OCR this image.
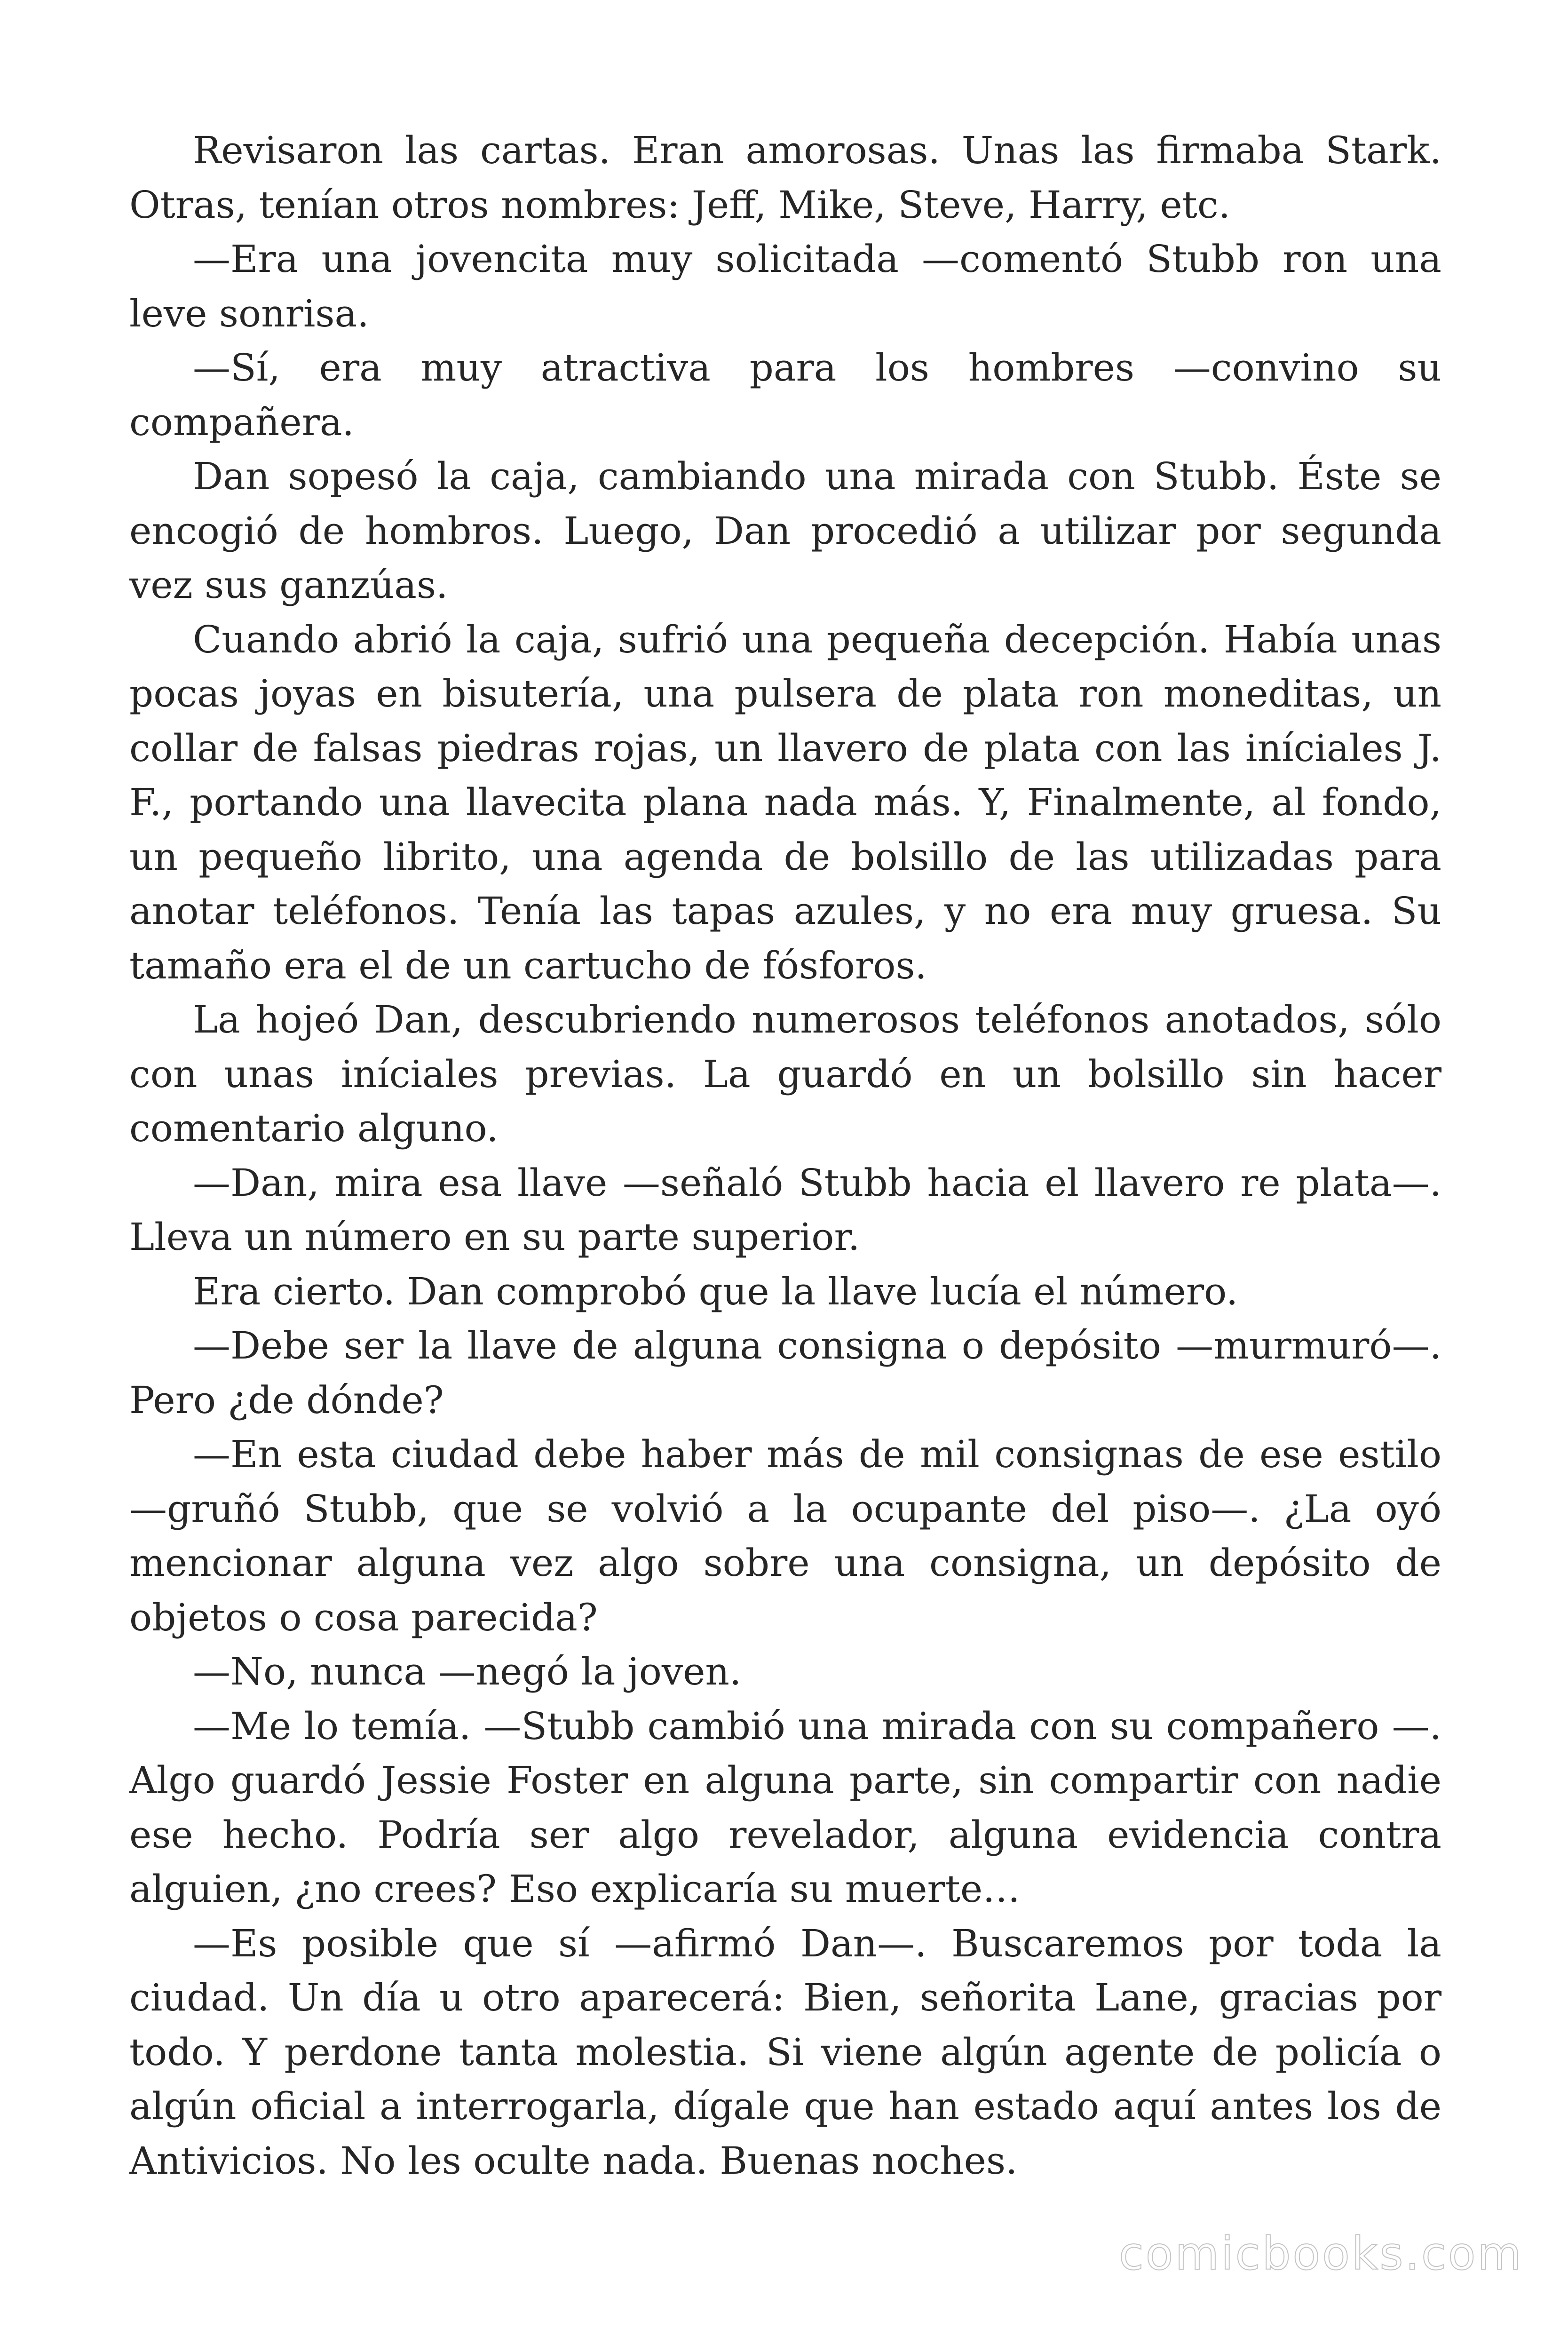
Revisaron las cartas. Eran amorosas. Unas las firmaba Stark. Otras, tenían otros nombres: Jeff, Mike, Steve, Harry, etc.

—Era una jovencita muy solicitada —comentó Stubb ron una leve sonrisa.

—Sí, era muy atractiva para los hombres —convino su compañera.

Dan sopesó la caja, cambiando una mirada con Stubb. Éste se encogió de hombros. Luego, Dan procedió a utilizar por segunda vez sus ganzúas.

Cuando abrió la caja, sufrió una pequeña decepción. Había unas pocas joyas en bisutería, una pulsera de plata ron moneditas, un collar de falsas piedras rojas, un llavero de plata con las iníciales J. F., portando una llavecita plana nada más. Y, Finalmente, al fondo, un pequeño librito, una agenda de bolsillo de las utilizadas para anotar teléfonos. Tenía las tapas azules, y no era muy gruesa. Su tamaño era el de un cartucho de fósforos.

La hojeó Dan, descubriendo numerosos teléfonos anotados, sólo con unas iníciales previas. La guardó en un bolsillo sin hacer comentario alguno.

—Dan, mira esa llave —señaló Stubb hacia el llavero re plata—. Lleva un número en su parte superior.

Era cierto. Dan comprobó que la llave lucía el número.

—Debe ser la llave de alguna consigna o depósito —murmuró—. Pero ¿de dónde?

—En esta ciudad debe haber más de mil consignas de ese estilo —gruñó Stubb, que se volvió a la ocupante del piso—. ¿La oyó mencionar alguna vez algo sobre una consigna, un depósito de objetos o cosa parecida?

—No, nunca —negó la joven.

—Me lo temía. —Stubb cambió una mirada con su compañero —. Algo guardó Jessie Foster en alguna parte, sin compartir con nadie ese hecho. Podría ser algo revelador, alguna evidencia contra alguien, ¿no crees? Eso explicaría su muerte…

—Es posible que sí —afirmó Dan—. Buscaremos por toda la ciudad. Un día u otro aparecerá: Bien, señorita Lane, gracias por todo. Y perdone tanta molestia. Si viene algún agente de policía o algún oficial a interrogarla, dígale que han estado aquí antes los de Antivicios. No les oculte nada. Buenas noches.

comicbooks.com
